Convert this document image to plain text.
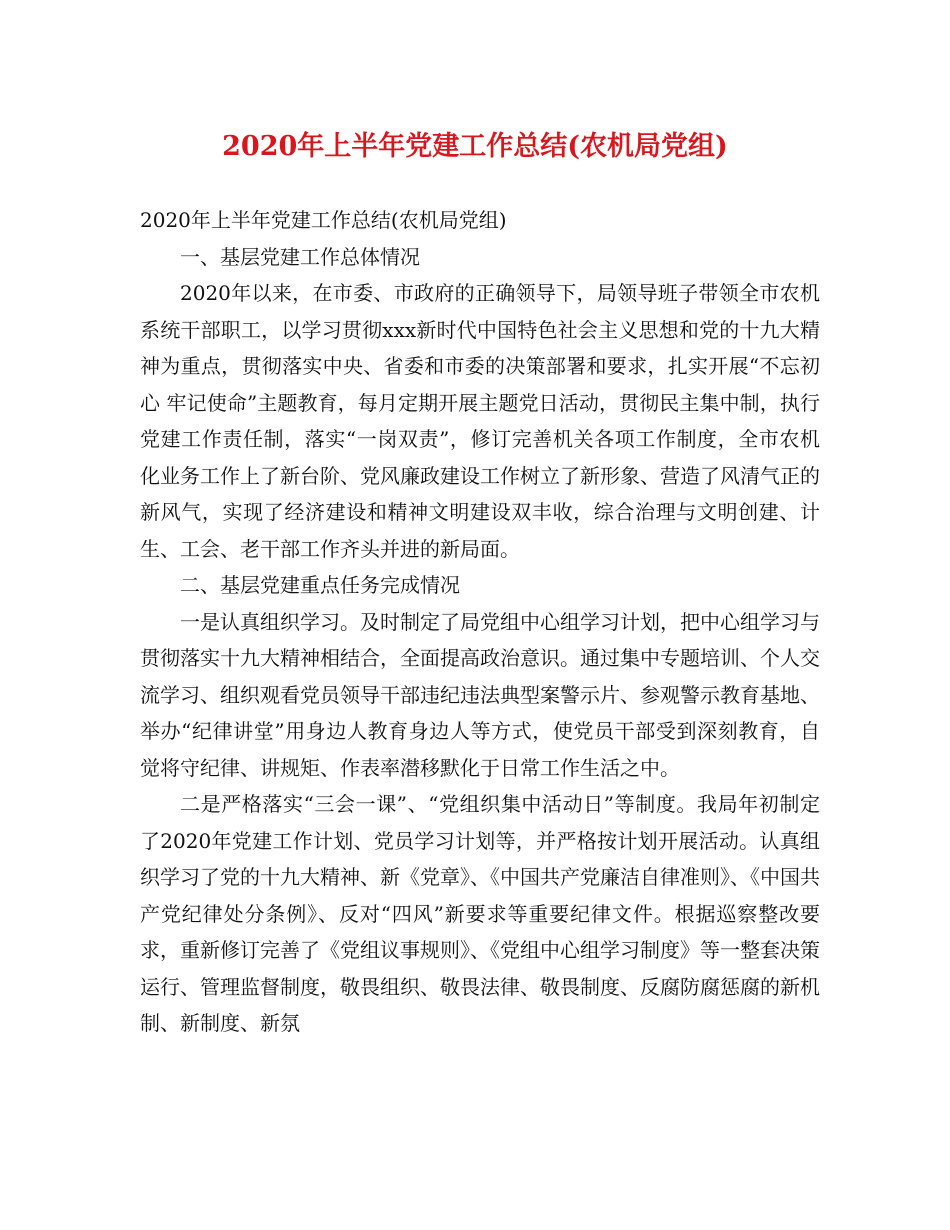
2020年上半年党建工作总结(农机局党组)

2020年上半年党建工作总结(农机局党组)

一、基层党建工作总体情况

2020年以来，在市委、市政府的正确领导下，局领导班子带领全市农机系统干部职工，以学习贯彻xxx新时代中国特色社会主义思想和党的十九大精神为重点，贯彻落实中央、省委和市委的决策部署和要求，扎实开展“不忘初心 牢记使命”主题教育，每月定期开展主题党日活动，贯彻民主集中制，执行党建工作责任制，落实“一岗双责”，修订完善机关各项工作制度，全市农机化业务工作上了新台阶、党风廉政建设工作树立了新形象、营造了风清气正的新风气，实现了经济建设和精神文明建设双丰收，综合治理与文明创建、计生、工会、老干部工作齐头并进的新局面。

二、基层党建重点任务完成情况

一是认真组织学习。及时制定了局党组中心组学习计划，把中心组学习与贯彻落实十九大精神相结合，全面提高政治意识。通过集中专题培训、个人交流学习、组织观看党员领导干部违纪违法典型案警示片、参观警示教育基地、举办“纪律讲堂”用身边人教育身边人等方式，使党员干部受到深刻教育，自觉将守纪律、讲规矩、作表率潜移默化于日常工作生活之中。

二是严格落实“三会一课”、“党组织集中活动日”等制度。我局年初制定了2020年党建工作计划、党员学习计划等，并严格按计划开展活动。认真组织学习了党的十九大精神、新《党章》、《中国共产党廉洁自律准则》、《中国共产党纪律处分条例》、反对“四风”新要求等重要纪律文件。根据巡察整改要求，重新修订完善了《党组议事规则》、《党组中心组学习制度》等一整套决策运行、管理监督制度，敬畏组织、敬畏法律、敬畏制度、反腐防腐惩腐的新机制、新制度、新氛
